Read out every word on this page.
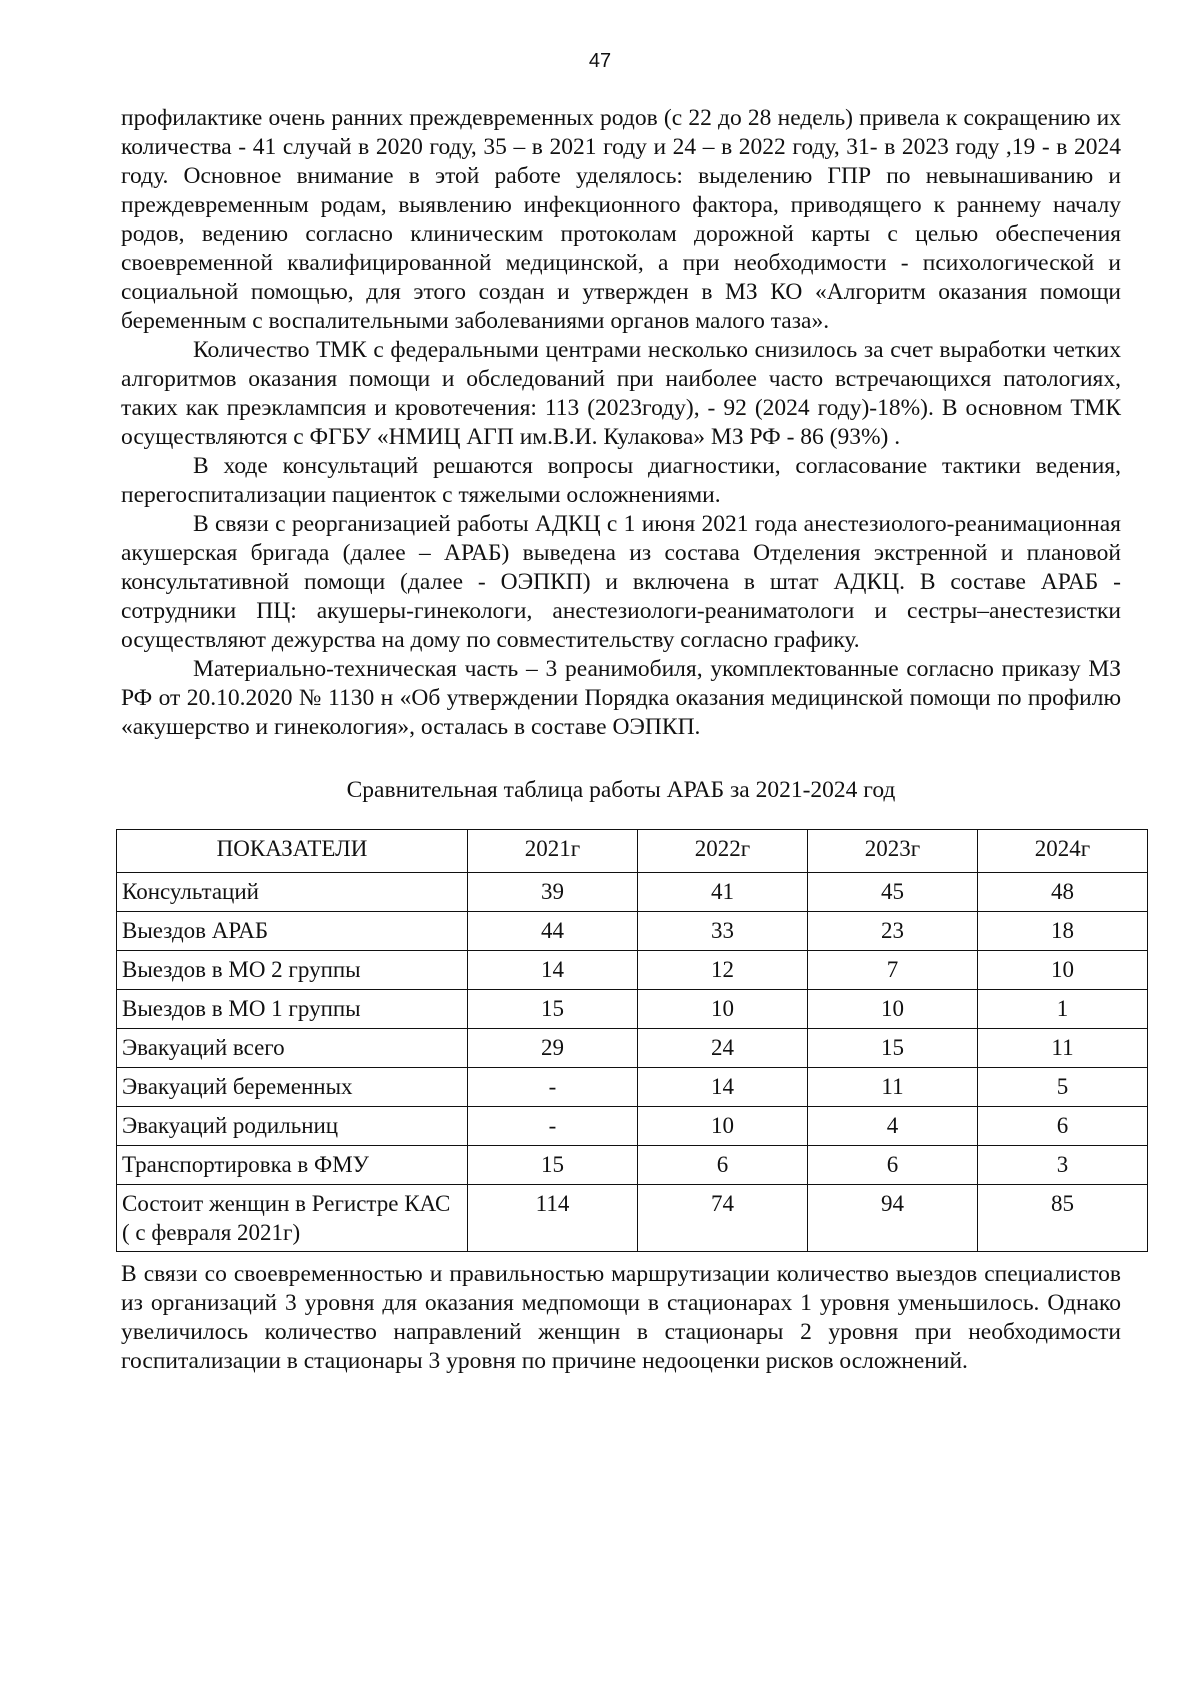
47

профилактике очень ранних преждевременных родов (с 22 до 28 недель) привела к сокращению их количества - 41 случай в 2020 году, 35 – в 2021 году и 24 – в 2022 году, 31- в 2023 году ,19 - в 2024 году. Основное внимание в этой работе уделялось: выделению ГПР по невынашиванию и преждевременным родам, выявлению инфекционного фактора, приводящего к раннему началу родов, ведению согласно клиническим протоколам дорожной карты с целью обеспечения своевременной квалифицированной медицинской, а при необходимости - психологической и социальной помощью, для этого создан и утвержден в МЗ КО «Алгоритм оказания помощи беременным с воспалительными заболеваниями органов малого таза».

Количество ТМК с федеральными центрами несколько снизилось за счет выработки четких алгоритмов оказания помощи и обследований при наиболее часто встречающихся патологиях, таких как преэклампсия и кровотечения: 113 (2023году), - 92 (2024 году)-18%). В основном ТМК осуществляются с ФГБУ «НМИЦ АГП им.В.И. Кулакова» МЗ РФ - 86 (93%) .

В ходе консультаций решаются вопросы диагностики, согласование тактики ведения, перегоспитализации пациенток с тяжелыми осложнениями.

В связи с реорганизацией работы АДКЦ с 1 июня 2021 года анестезиолого-реанимационная акушерская бригада (далее – АРАБ) выведена из состава Отделения экстренной и плановой консультативной помощи (далее - ОЭПКП) и включена в штат АДКЦ. В составе АРАБ - сотрудники ПЦ: акушеры-гинекологи, анестезиологи-реаниматологи и сестры–анестезистки осуществляют дежурства на дому по совместительству согласно графику.

Материально-техническая часть – 3 реанимобиля, укомплектованные согласно приказу МЗ РФ от 20.10.2020 № 1130 н «Об утверждении Порядка оказания медицинской помощи по профилю «акушерство и гинекология», осталась в составе ОЭПКП.

Сравнительная таблица работы АРАБ за 2021-2024 год
ПОКАЗАТЕЛИ	2021г	2022г	2023г	2024г
Консультаций	39	41	45	48
Выездов АРАБ	44	33	23	18
Выездов в МО 2 группы	14	12	7	10
Выездов в МО 1 группы	15	10	10	1
Эвакуаций всего	29	24	15	11
Эвакуаций беременных	-	14	11	5
Эвакуаций родильниц	-	10	4	6
Транспортировка в ФМУ	15	6	6	3
Состоит женщин в Регистре КАС ( с февраля 2021г)	114	74	94	85

В связи со своевременностью и правильностью маршрутизации количество выездов специалистов из организаций 3 уровня для оказания медпомощи в стационарах 1 уровня уменьшилось. Однако увеличилось количество направлений женщин в стационары 2 уровня при необходимости госпитализации в стационары 3 уровня по причине недооценки рисков осложнений.
